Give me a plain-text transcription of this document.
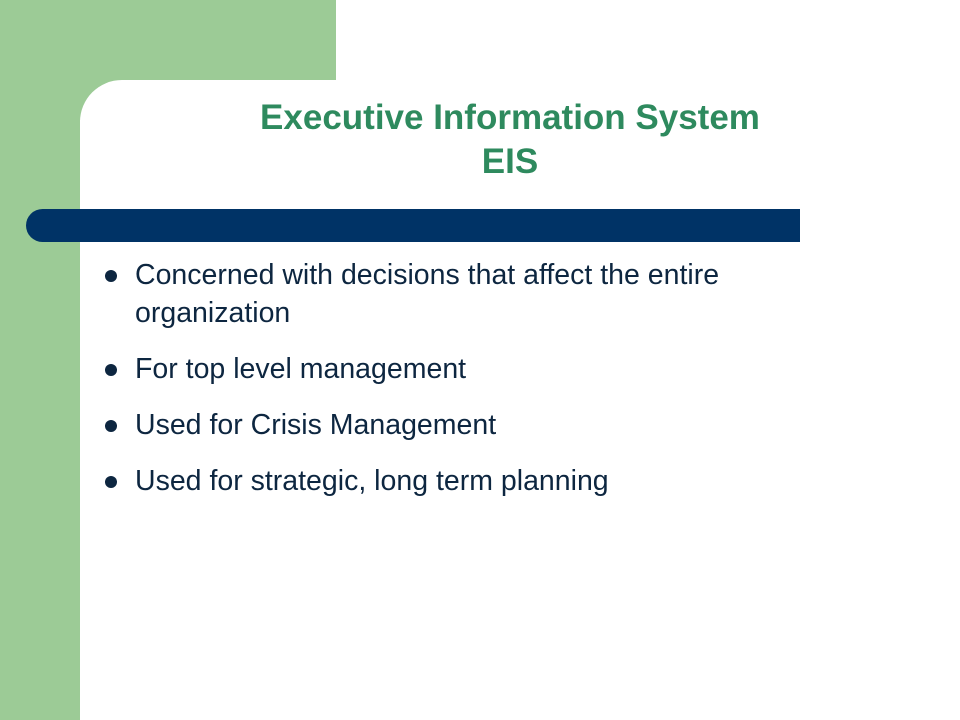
Executive Information System
EIS
Concerned with decisions that affect the entire organization
For top level management
Used for Crisis Management
Used for strategic, long term planning
